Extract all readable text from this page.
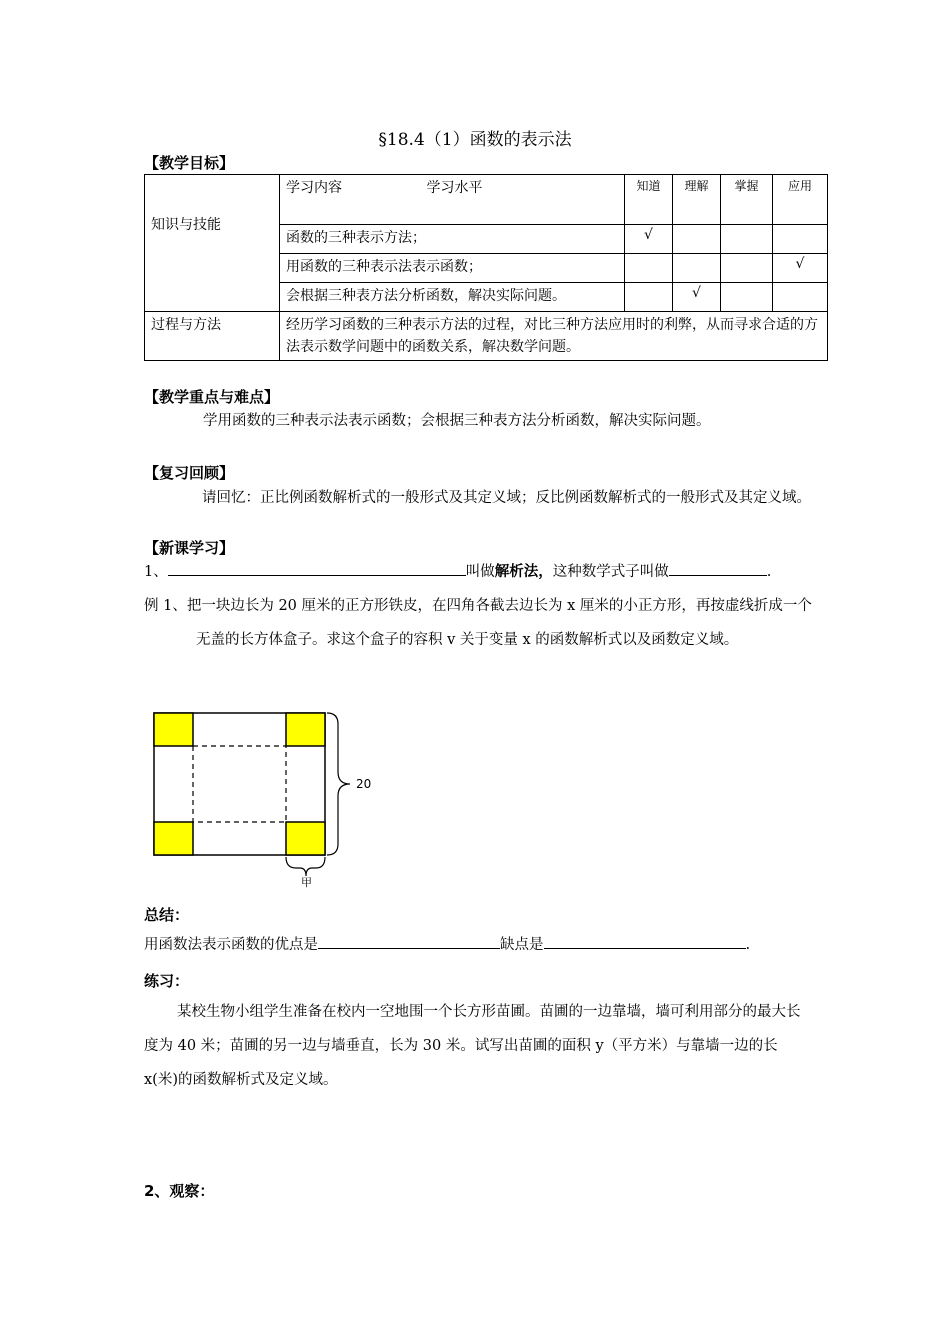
§18.4（1）函数的表示法
【教学目标】
知识与技能	学习内容 学习水平	知道	理解	掌握	应用
	函数的三种表示方法；	√			
	用函数的三种表示法表示函数；				√
	会根据三种表方法分析函数，解决实际问题。		√		
过程与方法	经历学习函数的三种表示方法的过程，对比三种方法应用时的利弊，从而寻求合适的方法表示数学问题中的函数关系，解决数学问题。				
【教学重点与难点】
学用函数的三种表示法表示函数；会根据三种表方法分析函数，解决实际问题。
【复习回顾】
请回忆：正比例函数解析式的一般形式及其定义域；反比例函数解析式的一般形式及其定义域。
【新课学习】
1、	叫做解析法，这种数学式子叫做	.
例 1、把一块边长为 20 厘米的正方形铁皮，在四角各截去边长为 x 厘米的小正方形，再按虚线折成一个无盖的长方体盒子。求这个盒子的容积 v 关于变量 x 的函数解析式以及函数定义域。
20
甲
总结：
用函数法表示函数的优点是	缺点是	.
练习：
某校生物小组学生准备在校内一空地围一个长方形苗圃。苗圃的一边靠墙，墙可利用部分的最大长度为 40 米；苗圃的另一边与墙垂直，长为 30 米。试写出苗圃的面积 y（平方米）与靠墙一边的长 x(米)的函数解析式及定义域。
2、观察：
